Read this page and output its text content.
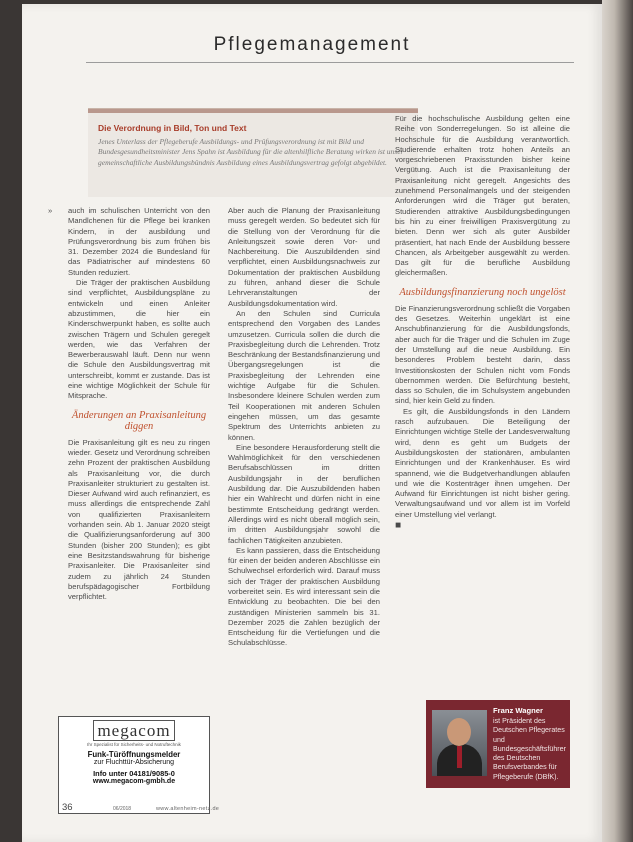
Pflegemanagement
Die Verordnung in Bild, Ton und Text
Jenes Unterlass der Pflegeberufe Ausbildungs- und Prüfungsverordnung ist mit Bild und Bundesgesundheitsminister Jens Spahn ist Ausbildung für die altenhilfliche Beratung wirken ist unser gemeinschaftliche Ausbildungsbündnis Ausbildung eines Ausbildungsvertrag gefolgt abgebildet.
» auch im schulischen Unterricht von den Mandlchenen für die Pflege bei kranken Kindern, in der ausbildung und Prüfungsverordnung bis zum frühen bis 31. Dezember 2024 die Bundesland für das Pädiatrischer auf mindestens 60 Stunden reduziert.

Die Träger der praktischen Ausbildung sind verpflichtet, Ausbildungspläne zu entwickeln und einen Anleiter abzustimmen, die hier ein Kinderschwerpunkt haben, es sollte auch zwischen Trägern und Schulen geregelt werden, wie das Verfahren der Bewerberauswahl läuft. Denn nur wenn die Schule den Ausbildungsvertrag mit unterschreibt, kommt er zustande. Das ist eine wichtige Möglichkeit der Schule für Mitsprache.

Änderungen an Praxisanleitung diggen

Die Praxisanleitung gilt es neu zu ringen wieder. Gesetz und Verordnung schreiben zehn Prozent der praktischen Ausbildung als Praxisanleitung vor, die durch Praxisanleiter strukturiert zu gestalten ist. Dieser Aufwand wird auch refinanziert, es muss allerdings die entsprechende Zahl von qualifizierten Praxisanleitern vorhanden sein. Ab 1. Januar 2020 steigt die Qualifizierungsanforderung auf 300 Stunden (bisher 200 Stunden); es gibt eine Besitzstandswahrung für bisherige Praxisanleiter. Die Praxisanleiter sind zudem zu jährlich 24 Stunden berufspädagogischer Fortbildung verpflichtet.

Aber auch die Planung der Praxisanleitung muss geregelt werden. So bedeutet sich für die Stellung von der Verordnung für die Anleitungszeit sowie deren Vor- und Nachbereitung. Die Auszubildenden sind verpflichtet, einen Ausbildungsnachweis zur Dokumentation der praktischen Ausbildung zu führen, anhand dieser die Schule Lehrveranstaltungen der Ausbildungsdokumentation wird.

An den Schulen sind Curricula entsprechend den Vorgaben des Landes umzusetzen. Curricula sollen die durch die Praxisbegleitung durch die Lehrenden. Trotz Beschränkung der Bestandsfinanzierung und Übergangsregelungen ist die Praxisbegleitung der Lehrenden eine wichtige Aufgabe für die Schulen. Insbesondere kleinere Schulen werden zum Teil Kooperationen mit anderen Schulen eingehen müssen, um das gesamte Spektrum des Unterrichts anbieten zu können.

Eine besondere Herausforderung stellt die Wahlmöglichkeit für den verschiedenen Berufsabschlüssen im dritten Ausbildungsjahr in der beruflichen Ausbildung dar. Die Auszubildenden haben hier ein Wahlrecht und dürfen nicht in eine bestimmte Entscheidung gedrängt werden. Allerdings wird es nicht überall möglich sein, im dritten Ausbildungsjahr sowohl die fachlichen Tätigkeiten anzubieten.

Es kann passieren, dass die Entscheidung für einen der beiden anderen Abschlüsse ein Schulwechsel erforderlich wird. Darauf muss sich der Träger der praktischen Ausbildung vorbereitet sein. Es wird interessant sein die Entwicklung zu beobachten. Die bei den zuständigen Ministerien sammeln bis 31. Dezember 2025 die Zahlen bezüglich der Entscheidung für die Vertiefungen und die Schulabschlüsse.

Für die hochschulische Ausbildung gelten eine Reihe von Sonderregelungen. So ist alleine die Hochschule für die Ausbildung verantwortlich. Studierende erhalten trotz hohen Anteils an vorgeschriebenen Praxisstunden bisher keine Vergütung. Auch ist die Praxisanleitung der Praxisanleitung nicht geregelt. Angesichts des zunehmend Personalmangels und der steigenden Anforderungen wird die Träger gut beraten, Studierenden attraktive Ausbildungsbedingungen bis hin zu einer freiwilligen Praxisvergütung zu bieten. Denn wer sich als guter Ausbilder präsentiert, hat nach Ende der Ausbildung bessere Chancen, als Arbeitgeber ausgewählt zu werden. Das gilt für die berufliche Ausbildung gleichermaßen.

Ausbildungsfinanzierung noch ungelöst

Die Finanzierungsverordnung schließt die Vorgaben des Gesetzes. Weiterhin ungeklärt ist eine Anschubfinanzierung für die Ausbildungsfonds, aber auch für die Träger und die Schulen im Zuge der Umstellung auf die neue Ausbildung. Ein besonderes Problem besteht darin, dass Investitionskosten der Schulen nicht vom Fonds übernommen werden. Die Befürchtung besteht, dass so Schulen, die im Schulsystem angebunden sind, hier kein Geld zu finden.

Es gilt, die Ausbildungsfonds in den Ländern rasch aufzubauen. Die Beteiligung der Einrichtungen wichtige Stelle der Landesverwaltung wird, denn es geht um Budgets der Ausbildungskosten der stationären, ambulanten Einrichtungen und der Krankenhäuser. Es wird spannend, wie die Budgetverhandlungen ablaufen und wie die Kostenträger ihnen umgehen. Der Aufwand für Einrichtungen ist nicht bisher gering. Verwaltungsaufwand und vor allem ist im Vorfeld einer Umstellung viel verlangt.

◼
megacom
Ihr Spezialist für Sicherheits- und Notruftechnik
Funk-Türöffnungsmelder
zur Fluchttür-Absicherung
Info unter 04181/9085-0
www.megacom-gmbh.de
Franz Wagner
ist Präsident des Deutschen Pflegerates und Bundesgeschäftsführer des Deutschen Berufsverbandes für Pflegeberufe (DBfK).
36	06/2018	www.altenheim-netz.de
